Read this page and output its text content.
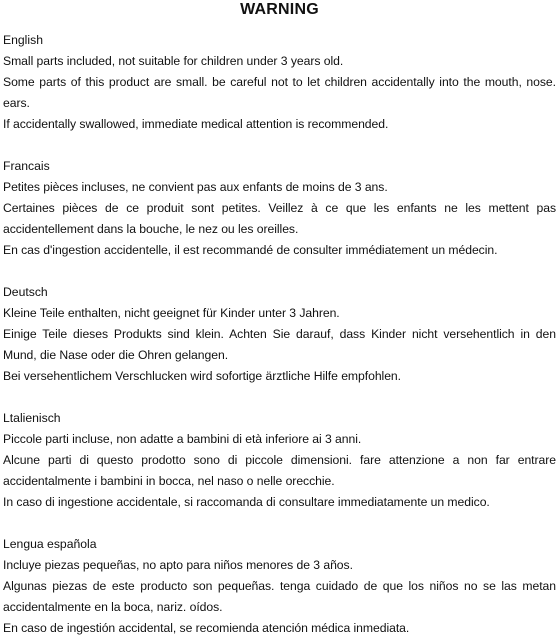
WARNING
English

Small parts included, not suitable for children under 3 years old.

Some parts of this product are small. be careful not to let children accidentally into the mouth, nose. ears.

If accidentally swallowed, immediate medical attention is recommended.

Francais

Petites pièces incluses, ne convient pas aux enfants de moins de 3 ans.

Certaines pièces de ce produit sont petites. Veillez à ce que les enfants ne les mettent pas accidentellement dans la bouche, le nez ou les oreilles.

En cas d'ingestion accidentelle, il est recommandé de consulter immédiatement un médecin.

Deutsch

Kleine Teile enthalten, nicht geeignet für Kinder unter 3 Jahren.

Einige Teile dieses Produkts sind klein. Achten Sie darauf, dass Kinder nicht versehentlich in den Mund, die Nase oder die Ohren gelangen.

Bei versehentlichem Verschlucken wird sofortige ärztliche Hilfe empfohlen.

Ltalienisch

Piccole parti incluse, non adatte a bambini di età inferiore ai 3 anni.

Alcune parti di questo prodotto sono di piccole dimensioni. fare attenzione a non far entrare accidentalmente i bambini in bocca, nel naso o nelle orecchie.

In caso di ingestione accidentale, si raccomanda di consultare immediatamente un medico.

Lengua española

Incluye piezas pequeñas, no apto para niños menores de 3 años.

Algunas piezas de este producto son pequeñas. tenga cuidado de que los niños no se las metan accidentalmente en la boca, nariz. oídos.

En caso de ingestión accidental, se recomienda atención médica inmediata.
